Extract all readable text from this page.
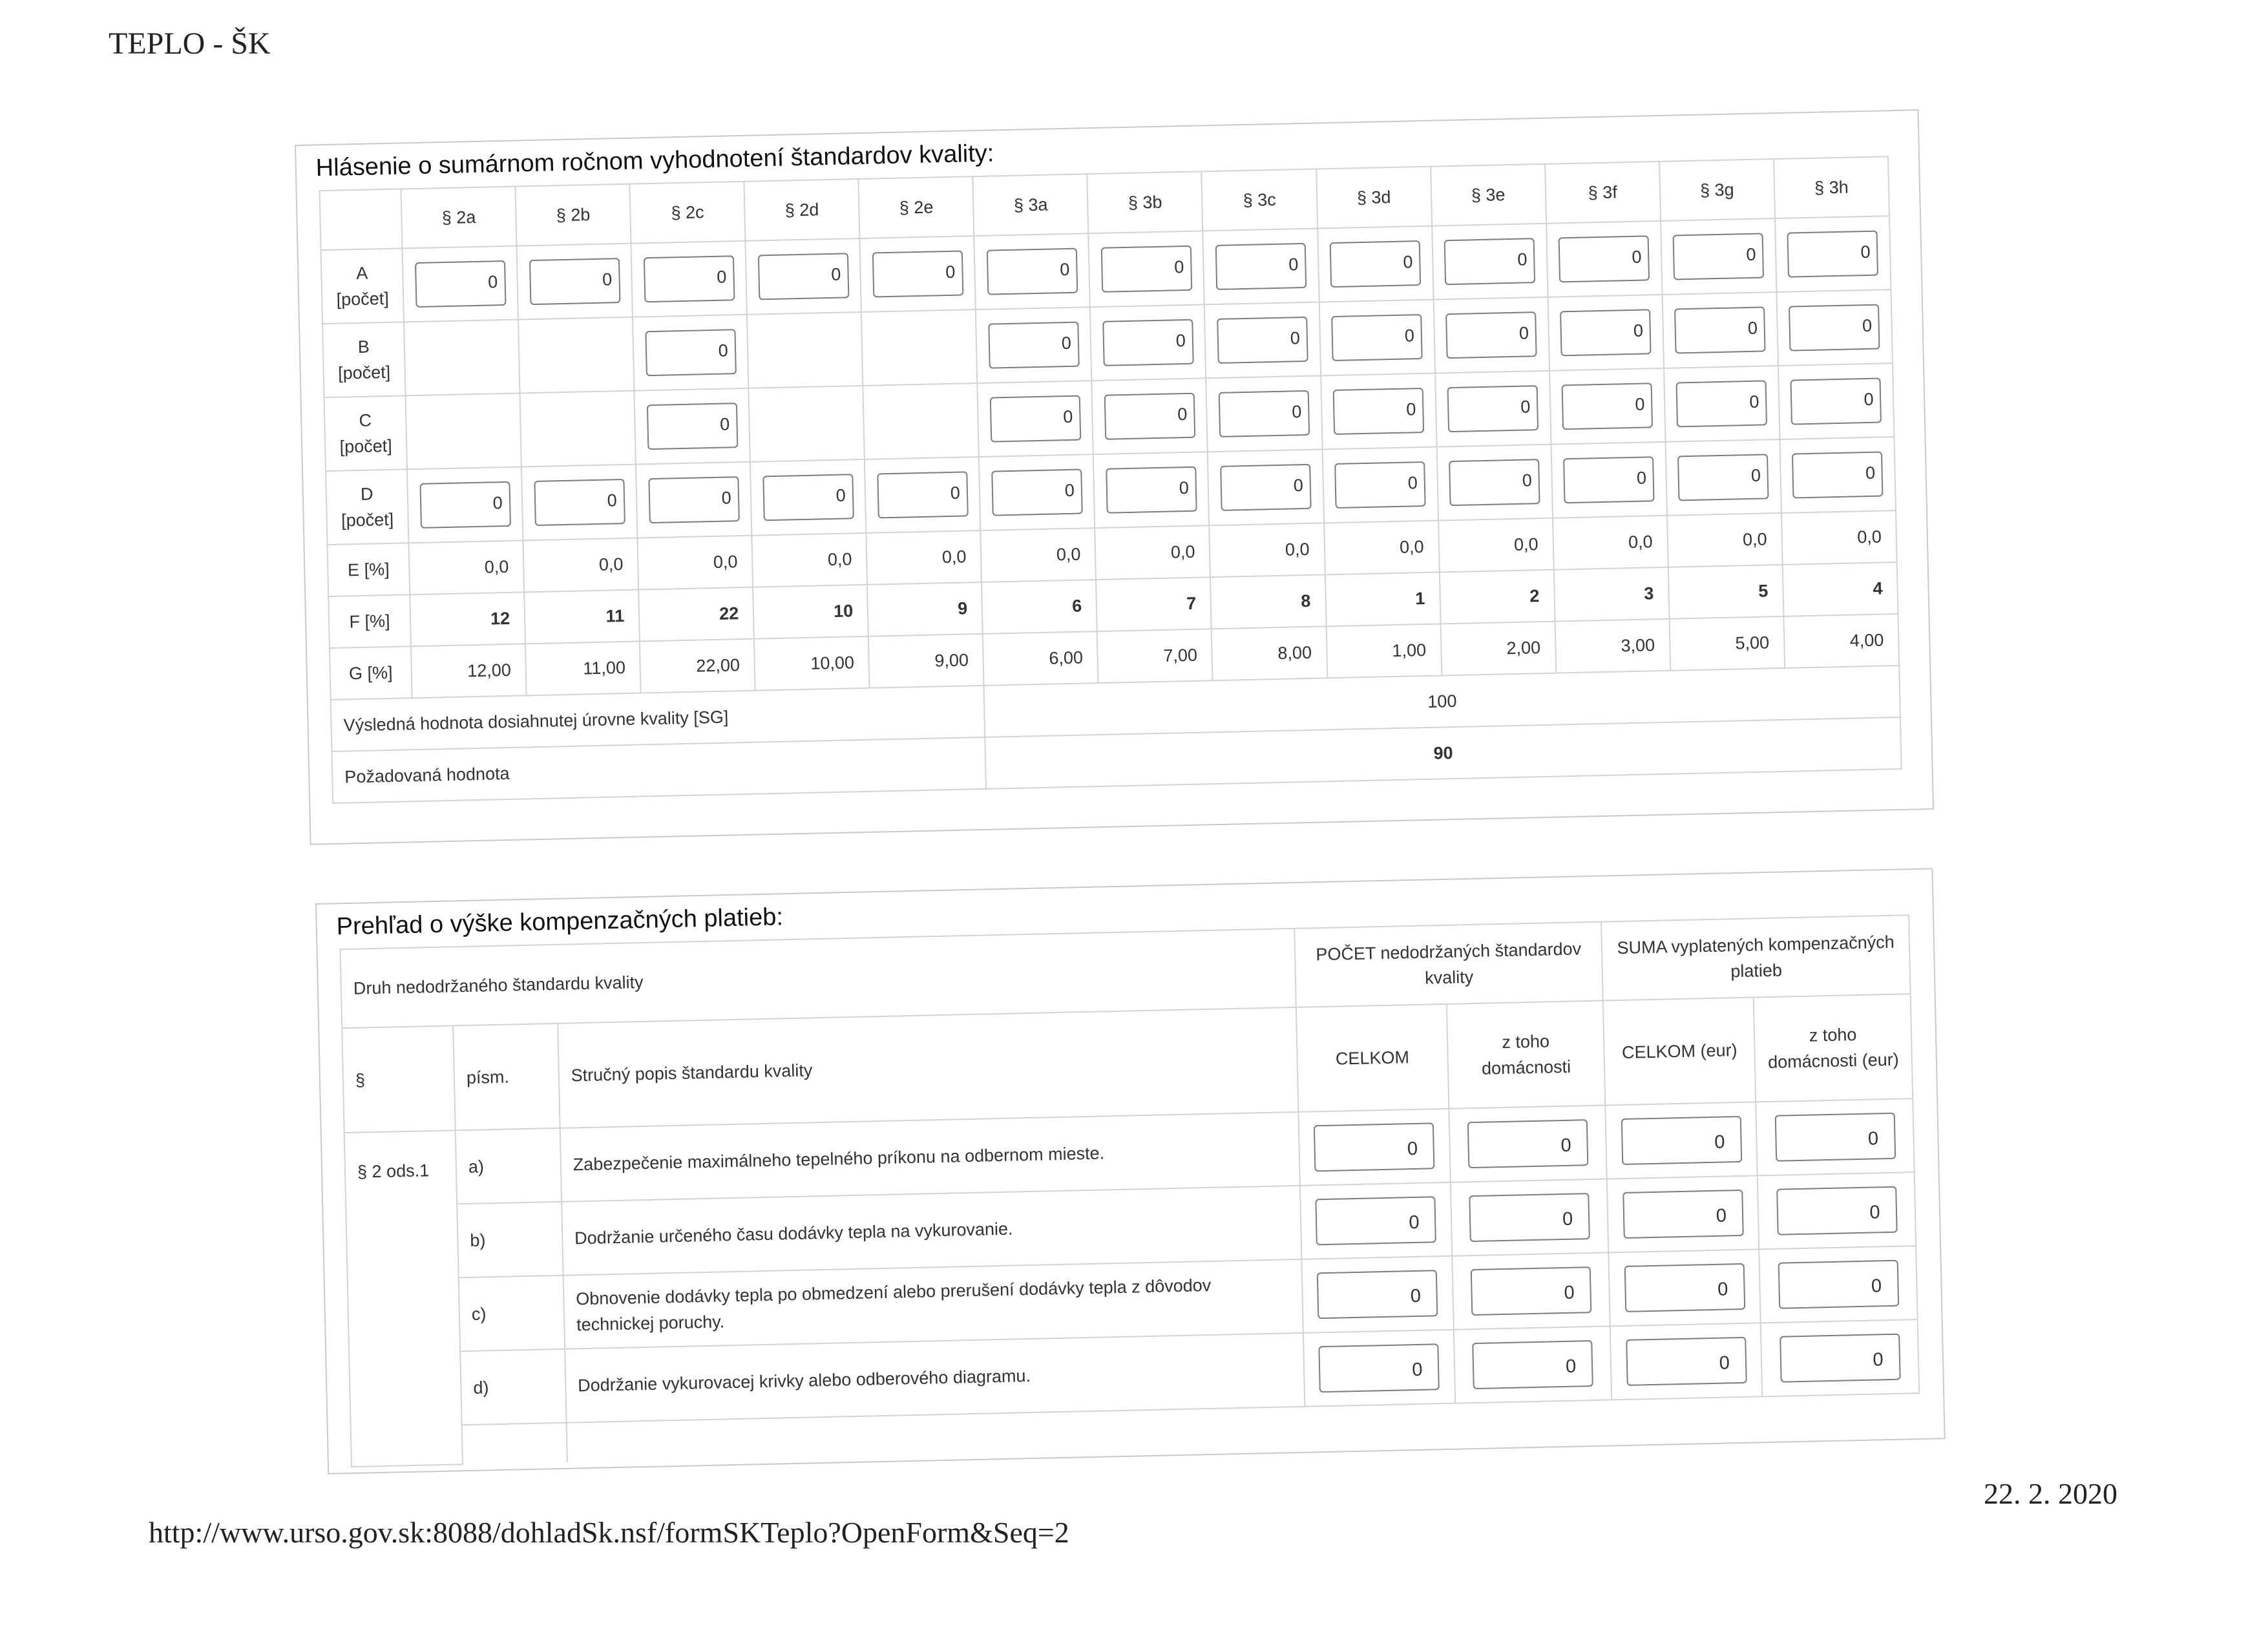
TEPLO - ŠK
Hlásenie o sumárnom ročnom vyhodnotení štandardov kvality:
	§ 2a	§ 2b	§ 2c	§ 2d	§ 2e	§ 3a	§ 3b	§ 3c	§ 3d	§ 3e	§ 3f	§ 3g	§ 3h

A
[počet]	0	0	0	0	0	0	0	0	0	0	0	0	0

B
[počet]			0			0	0	0	0	0	0	0	0

C
[počet]			0			0	0	0	0	0	0	0	0

D
[počet]	0	0	0	0	0	0	0	0	0	0	0	0	0

E [%]	0,0	0,0	0,0	0,0	0,0	0,0	0,0	0,0	0,0	0,0	0,0	0,0	0,0
F [%]	12	11	22	10	9	6	7	8	1	2	3	5	4
G [%]	12,00	11,00	22,00	10,00	9,00	6,00	7,00	8,00	1,00	2,00	3,00	5,00	4,00
Výsledná hodnota dosiahnutej úrovne kvality [SG]						100							
Požadovaná hodnota						90							
Prehľad o výške kompenzačných platieb:
Druh nedodržaného štandardu kvality			POČET nedodržaných štandardov kvality		SUMA vyplatených kompenzačných platieb	
§	písm.	Stručný popis štandardu kvality	CELKOM	z toho domácnosti	CELKOM (eur)	z toho domácnosti (eur)
§ 2 ods.1	a)	Zabezpečenie maximálneho tepelného príkonu na odbernom mieste.	0	0	0	0

	b)	Dodržanie určeného času dodávky tepla na vykurovanie.	0	0	0	0

	c)	Obnovenie dodávky tepla po obmedzení alebo prerušení dodávky tepla z dôvodov technickej poruchy.	0	0	0	0

	d)	Dodržanie vykurovacej krivky alebo odberového diagramu.	0	0	0	0

http://www.urso.gov.sk:8088/dohladSk.nsf/formSKTeplo?OpenForm&Seq=2
22. 2. 2020
